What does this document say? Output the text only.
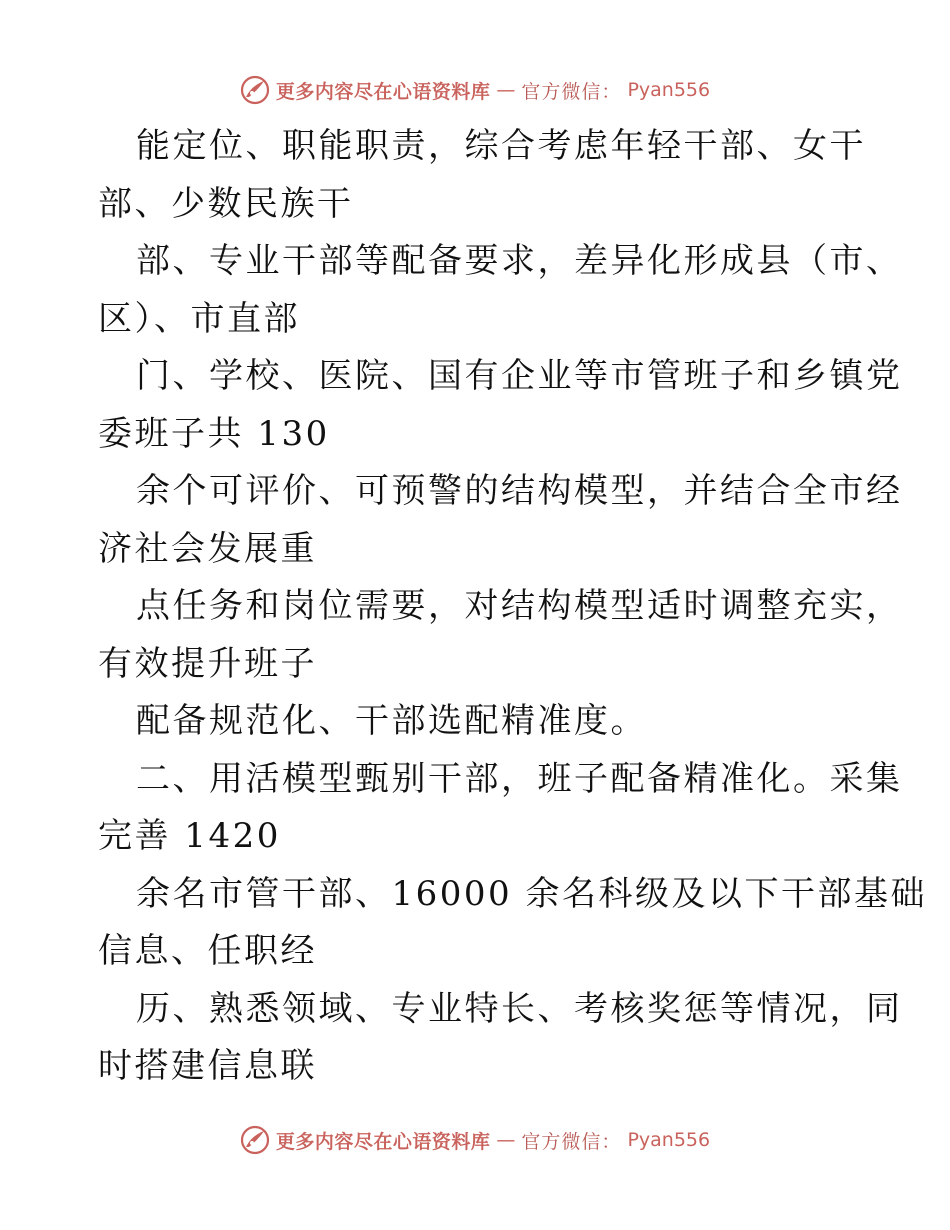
更多内容尽在心语资料库 — 官方微信： Pyan556
能定位、职能职责，综合考虑年轻干部、女干
部、少数民族干
部、专业干部等配备要求，差异化形成县（市、
区）、市直部
门、学校、医院、国有企业等市管班子和乡镇党
委班子共 130
余个可评价、可预警的结构模型，并结合全市经
济社会发展重
点任务和岗位需要，对结构模型适时调整充实，
有效提升班子
配备规范化、干部选配精准度。
二、用活模型甄别干部，班子配备精准化。采集
完善 1420
余名市管干部、16000 余名科级及以下干部基础
信息、任职经
历、熟悉领域、专业特长、考核奖惩等情况，同
时搭建信息联
更多内容尽在心语资料库 — 官方微信： Pyan556
